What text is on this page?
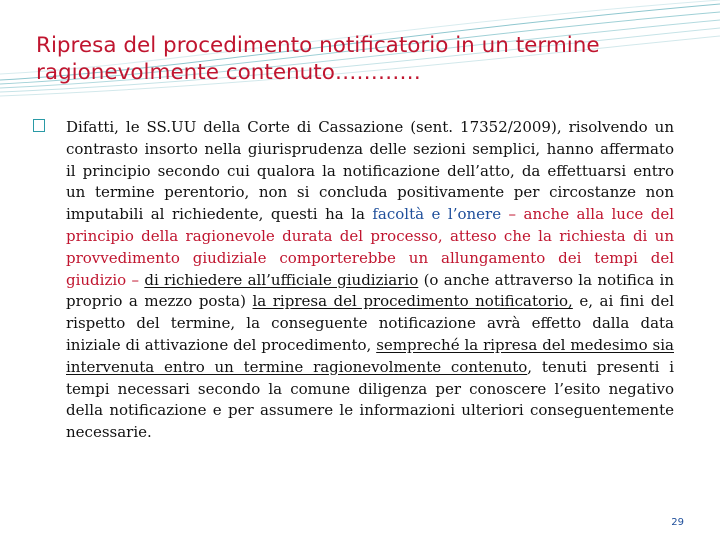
Ripresa del procedimento notificatorio in un termine
ragionevolmente contenuto…………

Difatti, le SS.UU della Corte di Cassazione (sent. 17352/2009), risolvendo un contrasto insorto nella giurisprudenza delle sezioni semplici, hanno affermato il principio secondo cui qualora la notificazione dell’atto, da effettuarsi entro un termine perentorio, non si concluda positivamente per circostanze non imputabili al richiedente, questi ha la facoltà e l’onere – anche alla luce del principio della ragionevole durata del processo, atteso che la richiesta di un provvedimento giudiziale comporterebbe un allungamento dei tempi del giudizio – di richiedere all’ufficiale giudiziario (o anche attraverso la notifica in proprio a mezzo posta) la ripresa del procedimento notificatorio, e, ai fini del rispetto del termine, la conseguente notificazione avrà effetto dalla data iniziale di attivazione del procedimento, sempreché la ripresa del medesimo sia intervenuta entro un termine ragionevolmente contenuto, tenuti presenti i tempi necessari secondo la comune diligenza per conoscere l’esito negativo della notificazione e per assumere le informazioni ulteriori conseguentemente necessarie.

29
